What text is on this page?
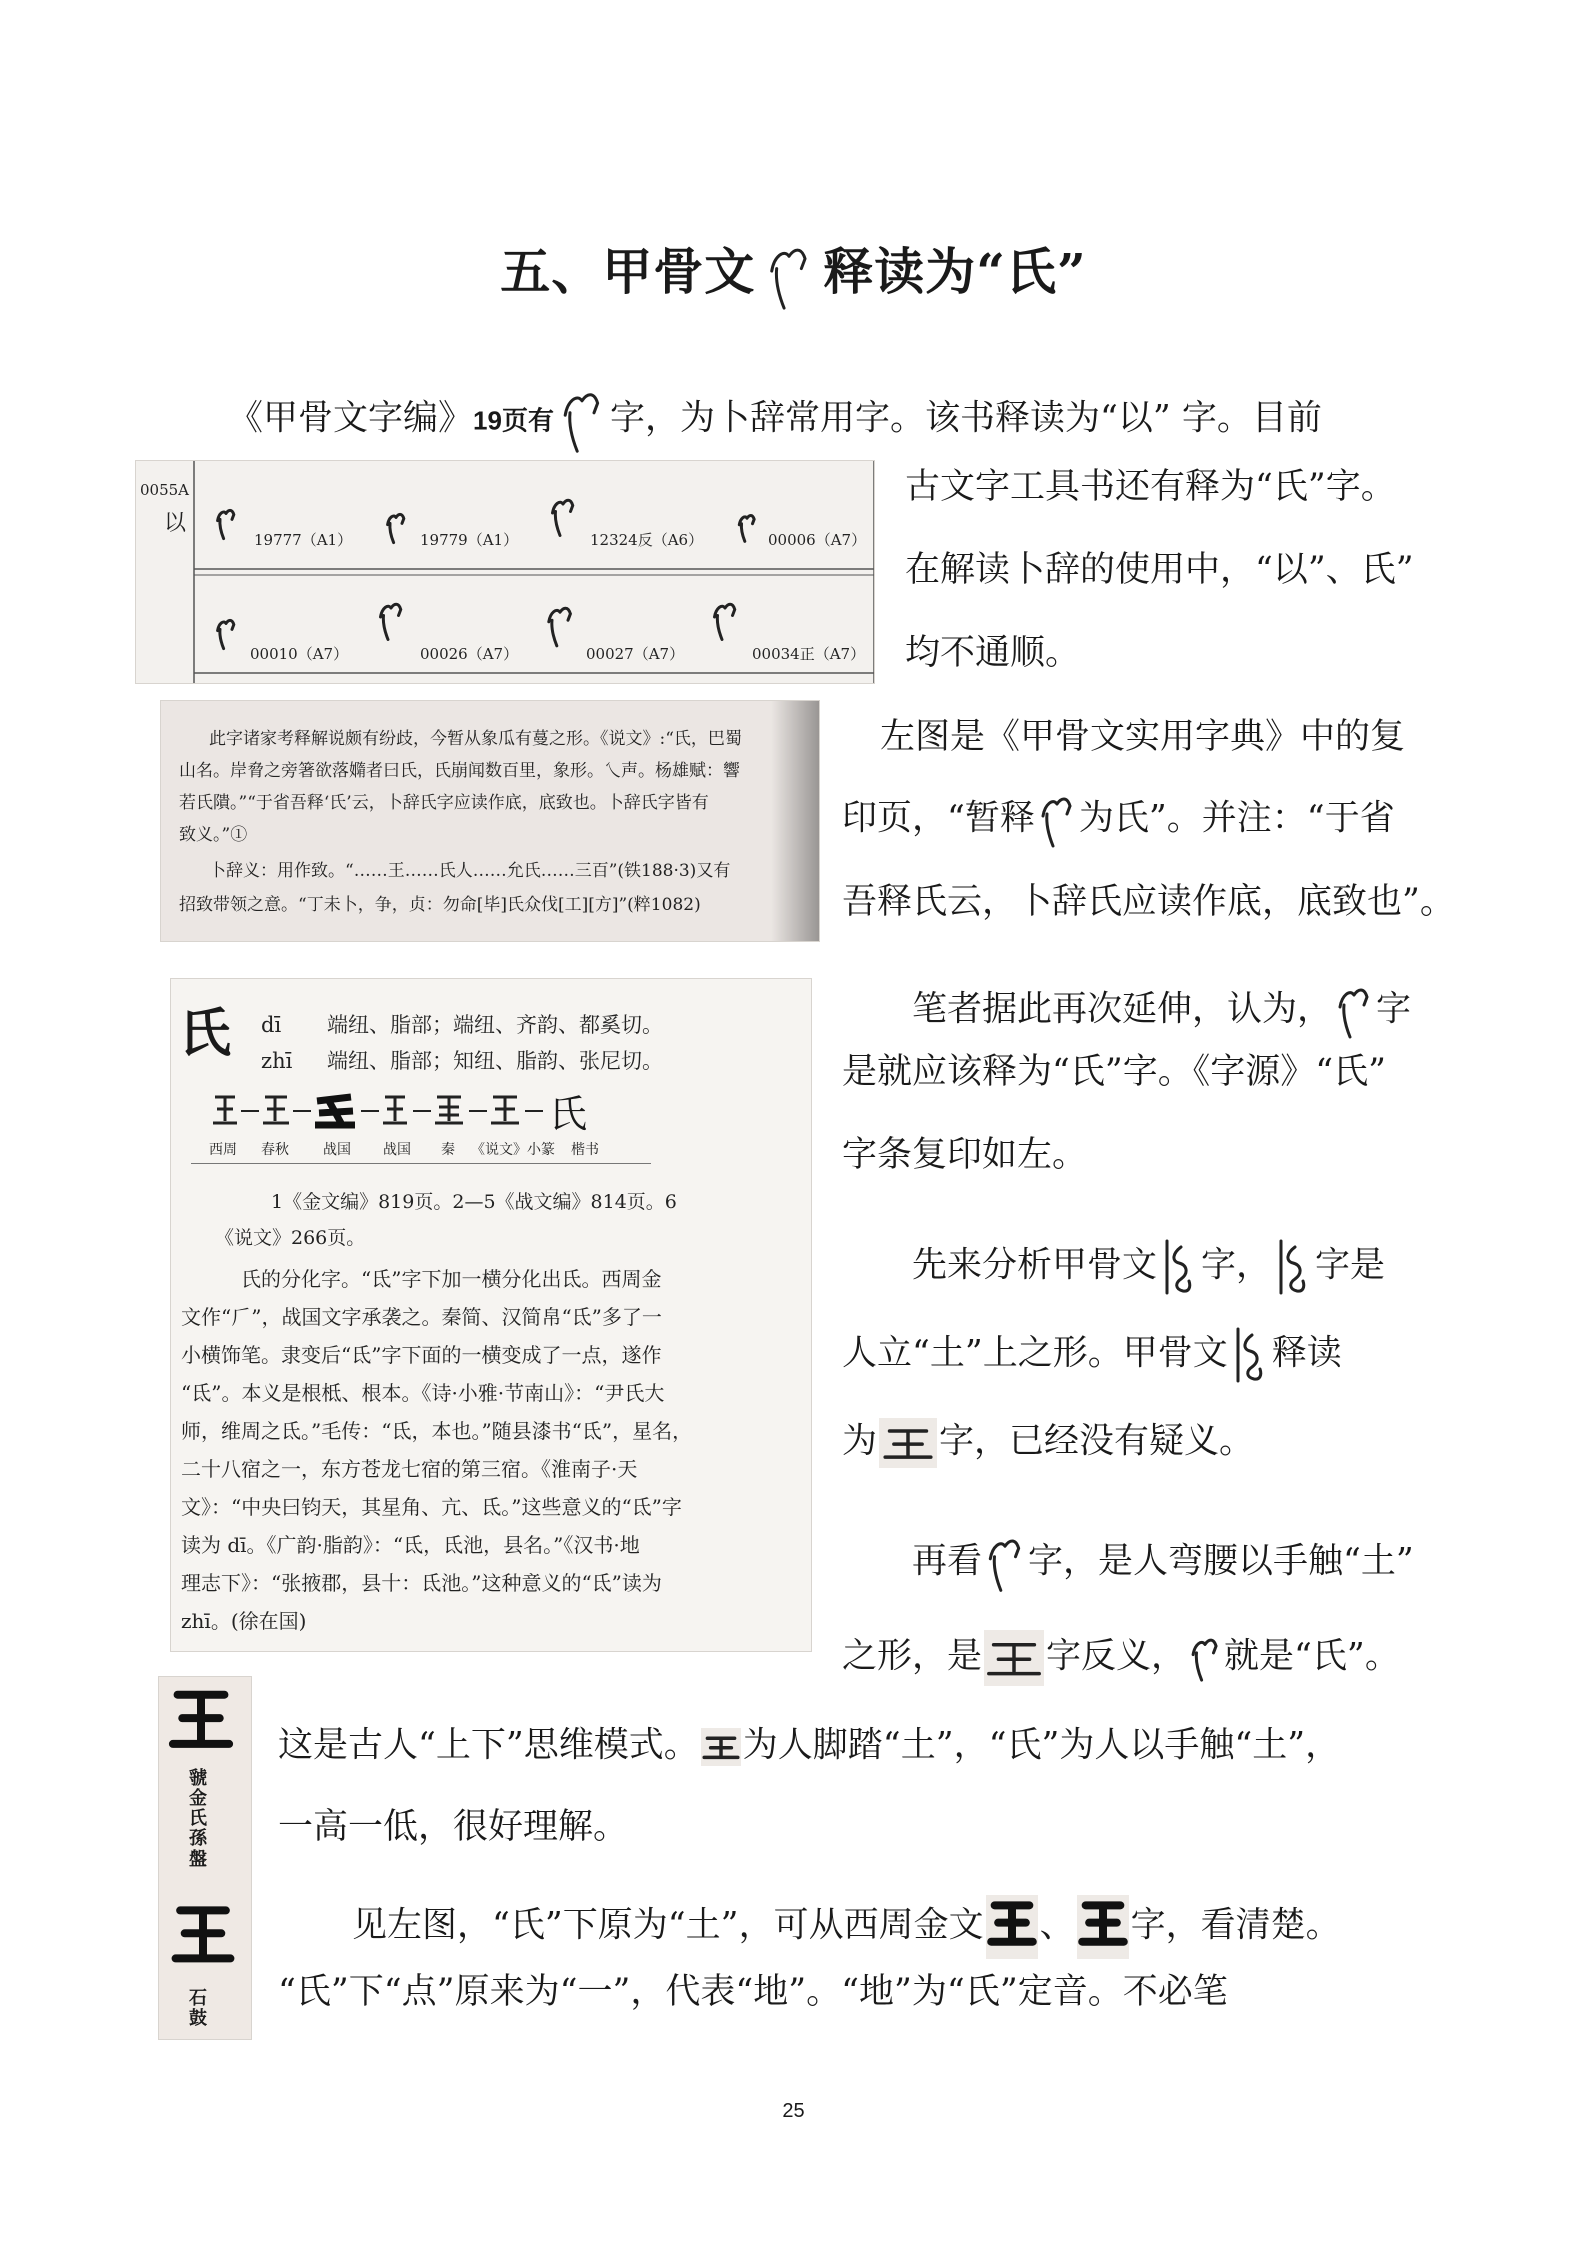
五、甲骨文 释读为“氏”
《甲骨文字编》19页有 字，为卜辞常用字。该书释读为“以” 字。目前
古文字工具书还有释为“氏”字。
在解读卜辞的使用中，“以”、氏”
均不通顺。
0055A
以
19777（A1）	19779（A1）	12324反（A6）	00006（A7）
00010（A7）	00026（A7）	00027（A7）	00034正（A7）
左图是《甲骨文实用字典》中的复
印页，“暂释 为氏”。并注：“于省
吾释氏云，卜辞氏应读作底，底致也”。
此字诸家考释解说颇有纷歧，今暂从象瓜有蔓之形。《说文》:“氏，巴蜀
山名。岸脅之旁箸欲落嫷者曰氏，氏崩闻数百里，象形。乀声。杨雄赋：響
若氏隤。”“于省吾释‘氏’云，卜辞氏字应读作底，底致也。卜辞氏字皆有
致义。”①
卜辞义：用作致。“……王……氏人……允氏……三百”(铁188·3)又有
招致带领之意。“丁未卜，争，贞：勿命[毕]氏众伐[工][方]”(粹1082)
笔者据此再次延伸，认为， 字
是就应该释为“氏”字。《字源》“氏”
字条复印如左。
氏 dī 端纽、脂部；端纽、齐韵、都奚切。
zhī 端纽、脂部；知纽、脂韵、张尼切。
氏
西周 春秋 战国 战国 秦 《说文》小篆 楷书
1《金文编》819页。2—5《战文编》814页。6
《说文》266页。
氏的分化字。“氐”字下加一横分化出氐。西周金
文作“𠂆”，战国文字承袭之。秦简、汉简帛“氐”多了一
小横饰笔。隶变后“氐”字下面的一横变成了一点，遂作
“氐”。本义是根柢、根本。《诗·小雅·节南山》：“尹氏大
师，维周之氐。”毛传：“氐，本也。”随县漆书“氐”，星名，
二十八宿之一，东方苍龙七宿的第三宿。《淮南子·天
文》：“中央曰钧天，其星角、亢、氐。”这些意义的“氐”字
读为 dī。《广韵·脂韵》：“氐，氐池，县名。”《汉书·地
理志下》：“张掖郡，县十：氐池。”这种意义的“氐”读为
zhī。(徐在国)
先来分析甲骨文 字， 字是
人立“土”上之形。甲骨文 释读
为 字，已经没有疑义。
再看 字，是人弯腰以手触“土”
之形，是 字反义， 就是“氏”。
虢金氏孫盤
石鼓
这是古人“上下”思维模式。 为人脚踏“土”，“氏”为人以手触“土”，
一高一低，很好理解。
见左图，“氏”下原为“土”，可从西周金文 、 字，看清楚。
“氏”下“点”原来为“一”，代表“地”。“地”为“氏”定音。不必笔
25
